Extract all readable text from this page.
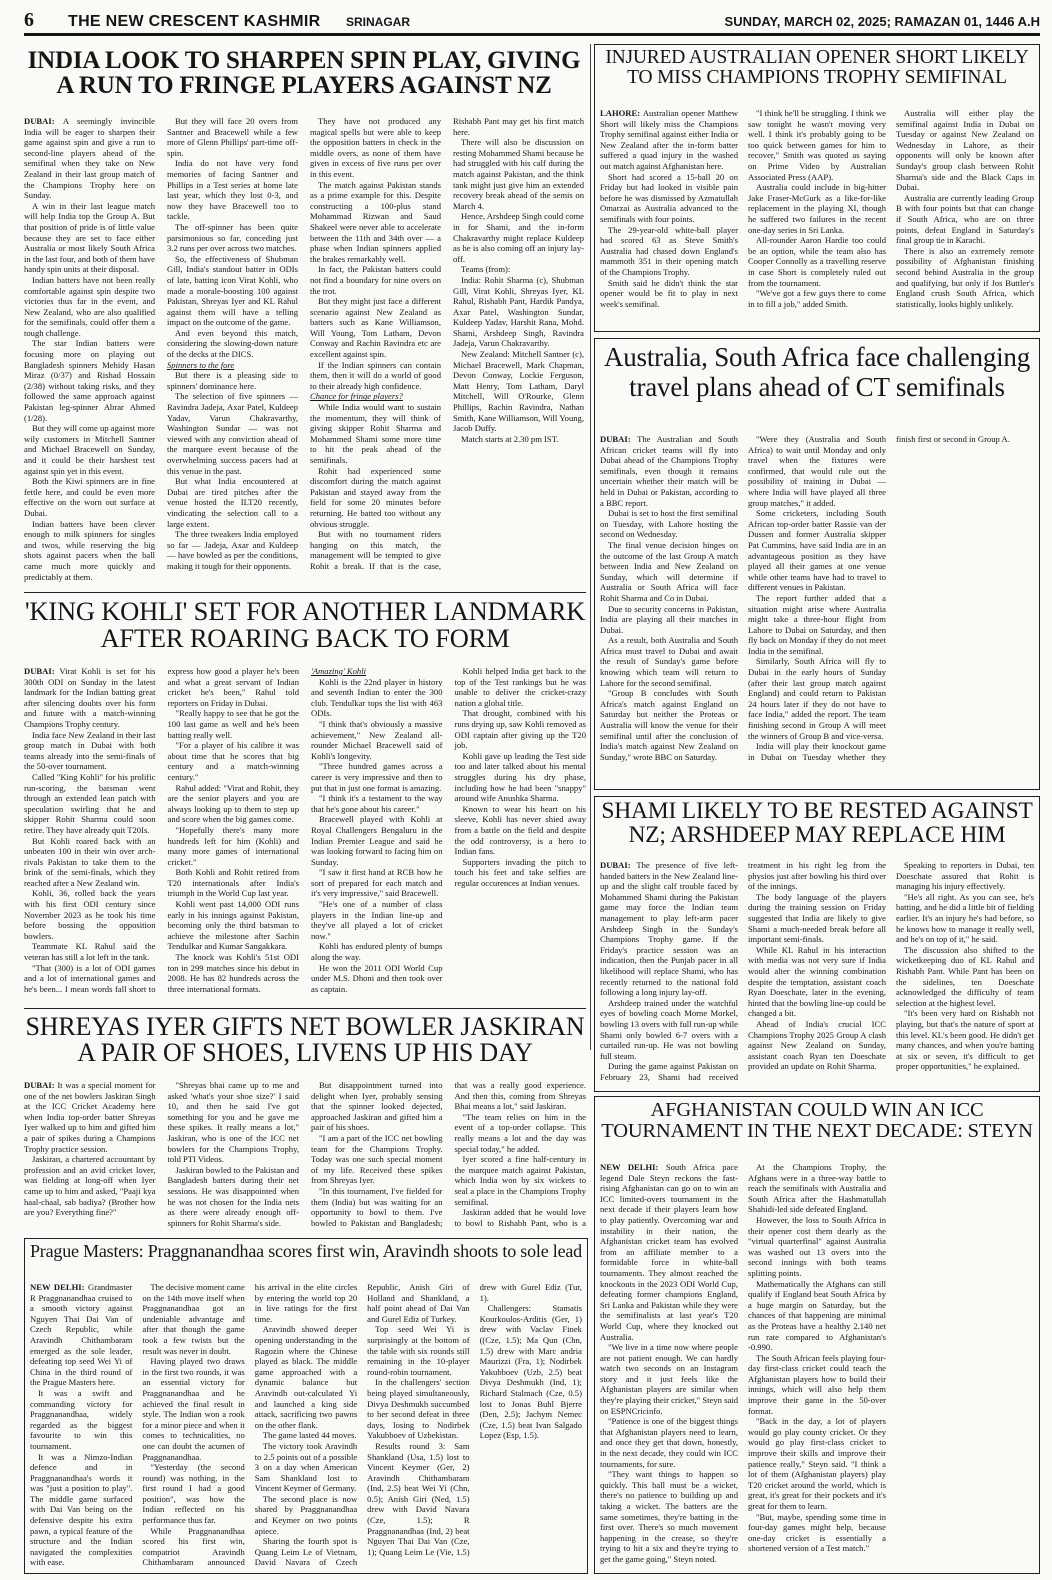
6 THE NEW CRESCENT KASHMIR SRINAGAR	SUNDAY, MARCH 02, 2025; RAMAZAN 01, 1446 A.H
INDIA LOOK TO SHARPEN SPIN PLAY, GIVING A RUN TO FRINGE PLAYERS AGAINST NZ

DUBAI: A seemingly invincible India will be eager to sharpen their game against spin and give a run to second-line players ahead of the semifinal when they take on New Zealand in their last group match of the Champions Trophy here on Sunday.

A win in their last league match will help India top the Group A. But that position of pride is of little value because they are set to face either Australia or most likely South Africa in the last four, and both of them have handy spin units at their disposal.

Indian batters have not been really comfortable against spin despite two victories thus far in the event, and New Zealand, who are also qualified for the semifinals, could offer them a tough challenge.

The star Indian batters were focusing more on playing out Bangladesh spinners Mehidy Hasan Miraz (0/37) and Rishad Hossain (2/38) without taking risks, and they followed the same approach against Pakistan leg-spinner Abrar Ahmed (1/28).

But they will come up against more wily customers in Mitchell Santner and Michael Bracewell on Sunday, and it could be their harshest test against spin yet in this event.

Both the Kiwi spinners are in fine fettle here, and could be even more effective on the worn out surface at Dubai.

Indian batters have been clever enough to milk spinners for singles and twos, while reserving the big shots against pacers when the ball came much more quickly and predictably at them.

But they will face 20 overs from Santner and Bracewell while a few more of Glenn Phillips' part-time off-spin.

India do not have very fond memories of facing Santner and Phillips in a Test series at home late last year, which they lost 0-3, and now they have Bracewell too to tackle.

The off-spinner has been quite parsimonious so far, conceding just 3.2 runs per over across two matches.

So, the effectiveness of Shubman Gill, India's standout batter in ODIs of late, batting icon Virat Kohli, who made a morale-boosting 100 against Pakistan, Shreyas Iyer and KL Rahul against them will have a telling impact on the outcome of the game.

And even beyond this match, considering the slowing-down nature of the decks at the DICS.

Spinners to the fore

But there is a pleasing side to spinners' dominance here.

The selection of five spinners — Ravindra Jadeja, Axar Patel, Kuldeep Yadav, Varun Chakravarthy, Washington Sundar — was not viewed with any conviction ahead of the marquee event because of the overwhelming success pacers had at this venue in the past.

But what India encountered at Dubai are tired pitches after the venue hosted the ILT20 recently, vindicating the selection call to a large extent.

The three tweakers India employed so far — Jadeja, Axar and Kuldeep — have bowled as per the conditions, making it tough for their opponents.

They have not produced any magical spells but were able to keep the opposition batters in check in the middle overs, as none of them have given in excess of five runs per over in this event.

The match against Pakistan stands as a prime example for this. Despite constructing a 100-plus stand Mohammad Rizwan and Saud Shakeel were never able to accelerate between the 11th and 34th over — a phase when Indian spinners applied the brakes remarkably well.

In fact, the Pakistan batters could not find a boundary for nine overs on the trot.

But they might just face a different scenario against New Zealand as batters such as Kane Williamson, Will Young, Tom Latham, Devon Conway and Rachin Ravindra etc are excellent against spin.

If the Indian spinners can contain them, then it will do a world of good to their already high confidence.

Chance for fringe players?

While India would want to sustain the momentum, they will think of giving skipper Rohit Sharma and Mohammed Shami some more time to hit the peak ahead of the semifinals.

Rohit had experienced some discomfort during the match against Pakistan and stayed away from the field for some 20 minutes before returning. He batted too without any obvious struggle.

But with no tournament riders hanging on this match, the management will be tempted to give Rohit a break. If that is the case, Rishabh Pant may get his first match here.

There will also be discussion on resting Mohammed Shami because he had struggled with his calf during the match against Pakistan, and the think tank might just give him an extended recovery break ahead of the semis on March 4.

Hence, Arshdeep Singh could come in for Shami, and the in-form Chakravarthy might replace Kuldeep as he is also coming off an injury lay-off.

Teams (from):

India: Rohit Sharma (c), Shubman Gill, Virat Kohli, Shreyas Iyer, KL Rahul, Rishabh Pant, Hardik Pandya, Axar Patel, Washington Sundar, Kuldeep Yadav, Harshit Rana, Mohd. Shami, Arshdeep Singh, Ravindra Jadeja, Varun Chakravarthy.

New Zealand: Mitchell Santner (c), Michael Bracewell, Mark Chapman, Devon Conway, Lockie Ferguson, Matt Henry, Tom Latham, Daryl Mitchell, Will O'Rourke, Glenn Phillips, Rachin Ravindra, Nathan Smith, Kane Williamson, Will Young, Jacob Duffy.

Match starts at 2.30 pm IST.

INJURED AUSTRALIAN OPENER SHORT LIKELY TO MISS CHAMPIONS TROPHY SEMIFINAL

LAHORE: Australian opener Matthew Short will likely miss the Champions Trophy semifinal against either India or New Zealand after the in-form batter suffered a quad injury in the washed out match against Afghanistan here.

Short had scored a 15-ball 20 on Friday but had looked in visible pain before he was dismissed by Azmatullah Omarzai as Australia advanced to the semifinals with four points.

The 29-year-old white-ball player had scored 63 as Steve Smith's Australia had chased down England's mammoth 351 in their opening match of the Champions Trophy.

Smith said he didn't think the star opener would be fit to play in next week's semifinal.

"I think he'll be struggling. I think we saw tonight he wasn't moving very well. I think it's probably going to be too quick between games for him to recover," Smith was quoted as saying on Prime Video by Australian Associated Press (AAP).

Australia could include in big-hitter Jake Fraser-McGurk as a like-for-like replacement in the playing XI, though he suffered two failures in the recent one-day series in Sri Lanka.

All-rounder Aaron Hardie too could be an option, while the team also has Cooper Connolly as a travelling reserve in case Short is completely ruled out from the tournament.

"We've got a few guys there to come in to fill a job," added Smith.

Australia will either play the semifinal against India in Dubai on Tuesday or against New Zealand on Wednesday in Lahore, as their opponents will only be known after Sunday's group clash between Rohit Sharma's side and the Black Caps in Dubai.

Australia are currently leading Group B with four points but that can change if South Africa, who are on three points, defeat England in Saturday's final group tie in Karachi.

There is also an extremely remote possibility of Afghanistan finishing second behind Australia in the group and qualifying, but only if Jos Buttler's England crush South Africa, which statistically, looks highly unlikely.

Australia, South Africa face challenging travel plans ahead of CT semifinals

DUBAI: The Australian and South African cricket teams will fly into Dubai ahead of the Champions Trophy semifinals, even though it remains uncertain whether their match will be held in Dubai or Pakistan, according to a BBC report.

Dubai is set to host the first semifinal on Tuesday, with Lahore hosting the second on Wednesday.

The final venue decision hinges on the outcome of the last Group A match between India and New Zealand on Sunday, which will determine if Australia or South Africa will face Rohit Sharma and Co in Dubai.

Due to security concerns in Pakistan, India are playing all their matches in Dubai.

As a result, both Australia and South Africa must travel to Dubai and await the result of Sunday's game before knowing which team will return to Lahore for the second semifinal.

"Group B concludes with South Africa's match against England on Saturday but neither the Proteas or Australia will know the venue for their semifinal until after the conclusion of India's match against New Zealand on Sunday," wrote BBC on Saturday.

"Were they (Australia and South Africa) to wait until Monday and only travel when the fixtures were confirmed, that would rule out the possibility of training in Dubai — where India will have played all three group matches," it added.

Some cricketers, including South African top-order batter Rassie van der Dussen and former Australia skipper Pat Cummins, have said India are in an advantageous position as they have played all their games at one venue while other teams have had to travel to different venues in Pakistan.

The report further added that a situation might arise where Australia might take a three-hour flight from Lahore to Dubai on Saturday, and then fly back on Monday if they do not meet India in the semifinal.

Similarly, South Africa will fly to Dubai in the early hours of Sunday (after their last group match against England) and could return to Pakistan 24 hours later if they do not have to face India," added the report. The team finishing second in Group A will meet the winners of Group B and vice-versa.

India will play their knockout game in Dubai on Tuesday whether they finish first or second in Group A.

'KING KOHLI' SET FOR ANOTHER LANDMARK AFTER ROARING BACK TO FORM

DUBAI: Virat Kohli is set for his 300th ODI on Sunday in the latest landmark for the Indian batting great after silencing doubts over his form and future with a match-winning Champions Trophy century.

India face New Zealand in their last group match in Dubai with both teams already into the semi-finals of the 50-over tournament.

Called "King Kohli" for his prolific run-scoring, the batsman went through an extended lean patch with speculation swirling that he and skipper Rohit Sharma could soon retire. They have already quit T20Is.

But Kohli roared back with an unbeaten 100 in their win over arch-rivals Pakistan to take them to the brink of the semi-finals, which they reached after a New Zealand win.

Kohli, 36, rolled back the years with his first ODI century since November 2023 as he took his time before bossing the opposition bowlers.

Teammate KL Rahul said the veteran has still a lot left in the tank.

"That (300) is a lot of ODI games and a lot of international games and he's been... I mean words fall short to express how good a player he's been and what a great servant of Indian cricket he's been," Rahul told reporters on Friday in Dubai.

"Really happy to see that he got the 100 last game as well and he's been batting really well.

"For a player of his calibre it was about time that he scores that big century and a match-winning century."

Rahul added: "Virat and Rohit, they are the senior players and you are always looking up to them to step up and score when the big games come.

"Hopefully there's many more hundreds left for him (Kohli) and many more games of international cricket."

Both Kohli and Rohit retired from T20 internationals after India's triumph in the World Cup last year.

Kohli went past 14,000 ODI runs early in his innings against Pakistan, becoming only the third batsman to achieve the milestone after Sachin Tendulkar and Kumar Sangakkara.

The knock was Kohli's 51st ODI ton in 299 matches since his debut in 2008. He has 82 hundreds across the three international formats.

'Amazing' Kohli

Kohli is the 22nd player in history and seventh Indian to enter the 300 club. Tendulkar tops the list with 463 ODIs.

"I think that's obviously a massive achievement," New Zealand all-rounder Michael Bracewell said of Kohli's longevity.

"Three hundred games across a career is very impressive and then to put that in just one format is amazing.

"I think it's a testament to the way that he's gone about his career."

Bracewell played with Kohli at Royal Challengers Bengaluru in the Indian Premier League and said he was looking forward to facing him on Sunday.

"I saw it first hand at RCB how he sort of prepared for each match and it's very impressive," said Bracewell.

"He's one of a number of class players in the Indian line-up and they've all played a lot of cricket now."

Kohli has endured plenty of bumps along the way.

He won the 2011 ODI World Cup under M.S. Dhoni and then took over as captain.

Kohli helped India get back to the top of the Test rankings but he was unable to deliver the cricket-crazy nation a global title.

That drought, combined with his runs drying up, saw Kohli removed as ODI captain after giving up the T20 job.

Kohli gave up leading the Test side too and later talked about his mental struggles during his dry phase, including how he had been "snappy" around wife Anushka Sharma.

Known to wear his heart on his sleeve, Kohli has never shied away from a battle on the field and despite the odd controversy, is a hero to Indian fans.

Supporters invading the pitch to touch his feet and take selfies are regular occurences at Indian venues.

SHAMI LIKELY TO BE RESTED AGAINST NZ; ARSHDEEP MAY REPLACE HIM

DUBAI: The presence of five left-handed batters in the New Zealand line-up and the slight calf trouble faced by Mohammed Shami during the Pakistan game may force the Indian team management to play left-arm pacer Arshdeep Singh in the Sunday's Champions Trophy game. If the Friday's practice session was an indication, then the Punjab pacer in all likelihood will replace Shami, who has recently returned to the national fold following a long injury lay-off.

Arshdeep trained under the watchful eyes of bowling coach Morne Morkel, bowling 13 overs with full run-up while Shami only bowled 6-7 overs with a curtailed run-up. He was not bowling full steam.

During the game against Pakistan on February 23, Shami had received treatment in his right leg from the physios just after bowling his third over of the innings.

The body language of the players during the training session on Friday suggested that India are likely to give Shami a much-needed break before all important semi-finals.

While KL Rahul in his interaction with media was not very sure if India would alter the winning combination despite the temptation, assistant coach Ryan Doeschate, later in the evening, hinted that the bowling line-up could be changed a bit.

Ahead of India's crucial ICC Champions Trophy 2025 Group A clash against New Zealand on Sunday, assistant coach Ryan ten Doeschate provided an update on Rohit Sharma.

Speaking to reporters in Dubai, ten Doeschate assured that Rohit is managing his injury effectively.

"He's all right. As you can see, he's batting, and he did a little bit of fielding earlier. It's an injury he's had before, so he knows how to manage it really well, and he's on top of it," he said.

The discussion also shifted to the wicketkeeping duo of KL Rahul and Rishabh Pant. While Pant has been on the sidelines, ten Doeschate acknowledged the difficulty of team selection at the highest level.

"It's been very hard on Rishabh not playing, but that's the nature of sport at this level. KL's been good. He didn't get many chances, and when you're batting at six or seven, it's difficult to get proper opportunities," he explained.

SHREYAS IYER GIFTS NET BOWLER JASKIRAN A PAIR OF SHOES, LIVENS UP HIS DAY

DUBAI: It was a special moment for one of the net bowlers Jaskiran Singh at the ICC Cricket Academy here when India top-order batter Shreyas Iyer walked up to him and gifted him a pair of spikes during a Champions Trophy practice session.

Jaskiran, a chartered accountant by profession and an avid cricket lover, was fielding at long-off when Iyer came up to him and asked, "Paaji kya haal-chaal, sab badiya? (Brother how are you? Everything fine?"

"Shreyas bhai came up to me and asked 'what's your shoe size?' I said 10, and then he said I've got something for you and he gave me these spikes. It really means a lot," Jaskiran, who is one of the ICC net bowlers for the Champions Trophy, told PTI Videos.

Jaskiran bowled to the Pakistan and Bangladesh batters during their net sessions. He was disappointed when he was not chosen for the India nets as there were already enough off-spinners for Rohit Sharma's side.

But disappointment turned into delight when Iyer, probably sensing that the spinner looked dejected, approached Jaskiran and gifted him a pair of his shoes.

"I am a part of the ICC net bowling team for the Champions Trophy. Today was one such special moment of my life. Received these spikes from Shreyas Iyer.

"In this tournament, I've fielded for them (India) but was waiting for an opportunity to bowl to them. I've bowled to Pakistan and Bangladesh; that was a really good experience. And then this, coming from Shreyas Bhai means a lot," said Jaskiran.

"The team relies on him in the event of a top-order collapse. This really means a lot and the day was special today," he added.

Iyer scored a fine half-century in the marquee match against Pakistan, which India won by six wickets to seal a place in the Champions Trophy semifinal.

Jaskiran added that he would love to bowl to Rishabh Pant, who is a

AFGHANISTAN COULD WIN AN ICC TOURNAMENT IN THE NEXT DECADE: STEYN

NEW DELHI: South Africa pace legend Dale Steyn reckons the fast-rising Afghanistan can go on to win an ICC limited-overs tournament in the next decade if their players learn how to play patiently. Overcoming war and instability in their nation, the Afghanistan cricket team has evolved from an affiliate member to a formidable force in white-ball tournaments. They almost reached the knockouts in the 2023 ODI World Cup, defeating former champions England, Sri Lanka and Pakistan while they were the semifinalists at last year's T20 World Cup, where they knocked out Australia.

"We live in a time now where people are not patient enough. We can hardly watch two seconds on an Instagram story and it just feels like the Afghanistan players are similar when they're playing their cricket," Steyn said on ESPNCricinfo.

"Patience is one of the biggest things that Afghanistan players need to learn, and once they get that down, honestly, in the next decade, they could win ICC tournaments, for sure.

"They want things to happen so quickly. This ball must be a wicket, there's no patience to building up and taking a wicket. The batters are the same sometimes, they're batting in the first over. There's so much movement happening in the crease, so they're trying to hit a six and they're trying to get the game going," Steyn noted.

At the Champions Trophy, the Afghans were in a three-way battle to reach the semifinals with Australia and South Africa after the Hashmatullah Shahidi-led side defeated England.

However, the loss to South Africa in their opener cost them dearly as the "virtual quarterfinal" against Australia was washed out 13 overs into the second innings with both teams splitting points.

Mathematically the Afghans can still qualify if England beat South Africa by a huge margin on Saturday, but the chances of that happening are minimal as the Proteas have a healthy 2.140 net run rate compared to Afghanistan's -0.990.

The South African feels playing four-day first-class cricket could teach the Afghanistan players how to build their innings, which will also help them improve their game in the 50-over format.

"Back in the day, a lot of players would go play county cricket. Or they would go play first-class cricket to improve their skills and improve their patience really," Steyn said. "I think a lot of them (Afghanistan players) play T20 cricket around the world, which is great, it's great for their pockets and it's great for them to learn.

"But, maybe, spending some time in four-day games might help, because one-day cricket is essentially a shortened version of a Test match."

Prague Masters: Praggnanandhaa scores first win, Aravindh shoots to sole lead

NEW DELHI: Grandmaster R Praggnanandhaa cruised to a smooth victory against Nguyen Thai Dai Van of Czech Republic, while Aravindh Chithambaram emerged as the sole leader, defeating top seed Wei Yi of China in the third round of the Prague Masters here.

It was a swift and commanding victory for Praggnanandhaa, widely regarded as the biggest favourite to win this tournament.

It was a Nimzo-Indian defence and in Praggnanandhaa's words it was "just a position to play". The middle game surfaced with Dai Van being on the defensive despite his extra pawn, a typical feature of the structure and the Indian navigated the complexities with ease.

The decisive moment came on the 14th move itself when Praggnanandhaa got an undeniable advantage and after that though the game took a few twists but the result was never in doubt.

Having played two draws in the first two rounds, it was an essential victory for Praggnanandhaa and he achieved the final result in style. The Indian won a rook for a minor piece and when it comes to technicalities, no one can doubt the acumen of Praggnanandhaa.

"Yesterday (the second round) was nothing, in the first round I had a good position", was how the Indian reflected on his performance thus far.

While Praggnanandhaa scored his first win, compatriot Aravindh Chithambaram announced his arrival in the elite circles by entering the world top 20 in live ratings for the first time.

Aravindh showed deeper opening understanding in the Ragozin where the Chinese played as black. The middle game approached with a dynamic balance but Aravindh out-calculated Yi and launched a king side attack, sacrificing two pawns on the other flank.

The game lasted 44 moves.

The victory took Aravindh to 2.5 points out of a possible 3 on a day when American Sam Shankland lost to Vincent Keymer of Germany.

The second place is now shared by Praggnanandhaa and Keymer on two points apiece.

Sharing the fourth spot is Quang Leim Le of Vietnam, David Navara of Czech Republic, Anish Giri of Holland and Shankland, a half point ahead of Dai Van and Gurel Ediz of Turkey.

Top seed Wei Yi is surprisingly at the bottom of the table with six rounds still remaining in the 10-player round-robin tournament.

In the challengers' section being played simultaneously, Divya Deshmukh succumbed to her second defeat in three days, losing to Nodirbek Yakubboev of Uzbekistan.

Results round 3: Sam Shankland (Usa, 1.5) lost to Vincent Keymer (Ger, 2) Aravindh Chithambaram (Ind, 2.5) beat Wei Yi (Chn, 0.5); Anish Giri (Ned, 1.5) drew with David Navara (Cze, 1.5); R Praggnanandhaa (Ind, 2) beat Nguyen Thai Dai Van (Cze, 1); Quang Leim Le (Vie, 1.5) drew with Gurel Ediz (Tur, 1).

Challengers: Stamatis Kourkoulos-Arditis (Ger, 1) drew with Vaclav Finek ((Cze, 1.5); Ma Qun (Chn, 1.5) drew with Marc andria Maurizzi (Fra, 1); Nodirbek Yakubboev (Uzb, 2.5) beat Divya Deshmukh (Ind, 1); Richard Stalmach (Cze, 0.5) lost to Jonas Buhl Bjerre (Den, 2.5); Jachym Nemec (Cze, 1.5) beat Ivan Salgado Lopez (Esp, 1.5).
